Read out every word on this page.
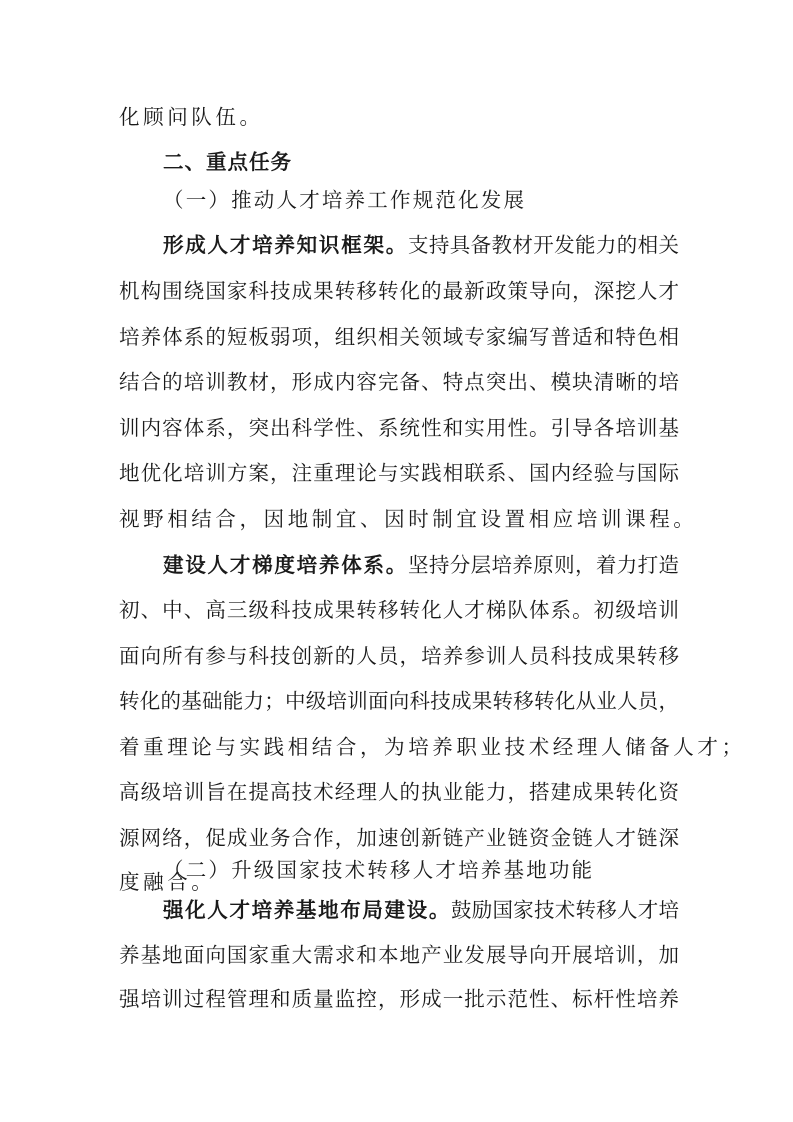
化顾问队伍。
二、重点任务
（一）推动人才培养工作规范化发展
形成人才培养知识框架。支持具备教材开发能力的相关
机构围绕国家科技成果转移转化的最新政策导向，深挖人才
培养体系的短板弱项，组织相关领域专家编写普适和特色相
结合的培训教材，形成内容完备、特点突出、模块清晰的培
训内容体系，突出科学性、系统性和实用性。引导各培训基
地优化培训方案，注重理论与实践相联系、国内经验与国际
视野相结合，因地制宜、因时制宜设置相应培训课程。
建设人才梯度培养体系。坚持分层培养原则，着力打造
初、中、高三级科技成果转移转化人才梯队体系。初级培训
面向所有参与科技创新的人员，培养参训人员科技成果转移
转化的基础能力；中级培训面向科技成果转移转化从业人员，
着重理论与实践相结合，为培养职业技术经理人储备人才；
高级培训旨在提高技术经理人的执业能力，搭建成果转化资
源网络，促成业务合作，加速创新链产业链资金链人才链深
度融合。
（二）升级国家技术转移人才培养基地功能
强化人才培养基地布局建设。鼓励国家技术转移人才培
养基地面向国家重大需求和本地产业发展导向开展培训，加
强培训过程管理和质量监控，形成一批示范性、标杆性培养
